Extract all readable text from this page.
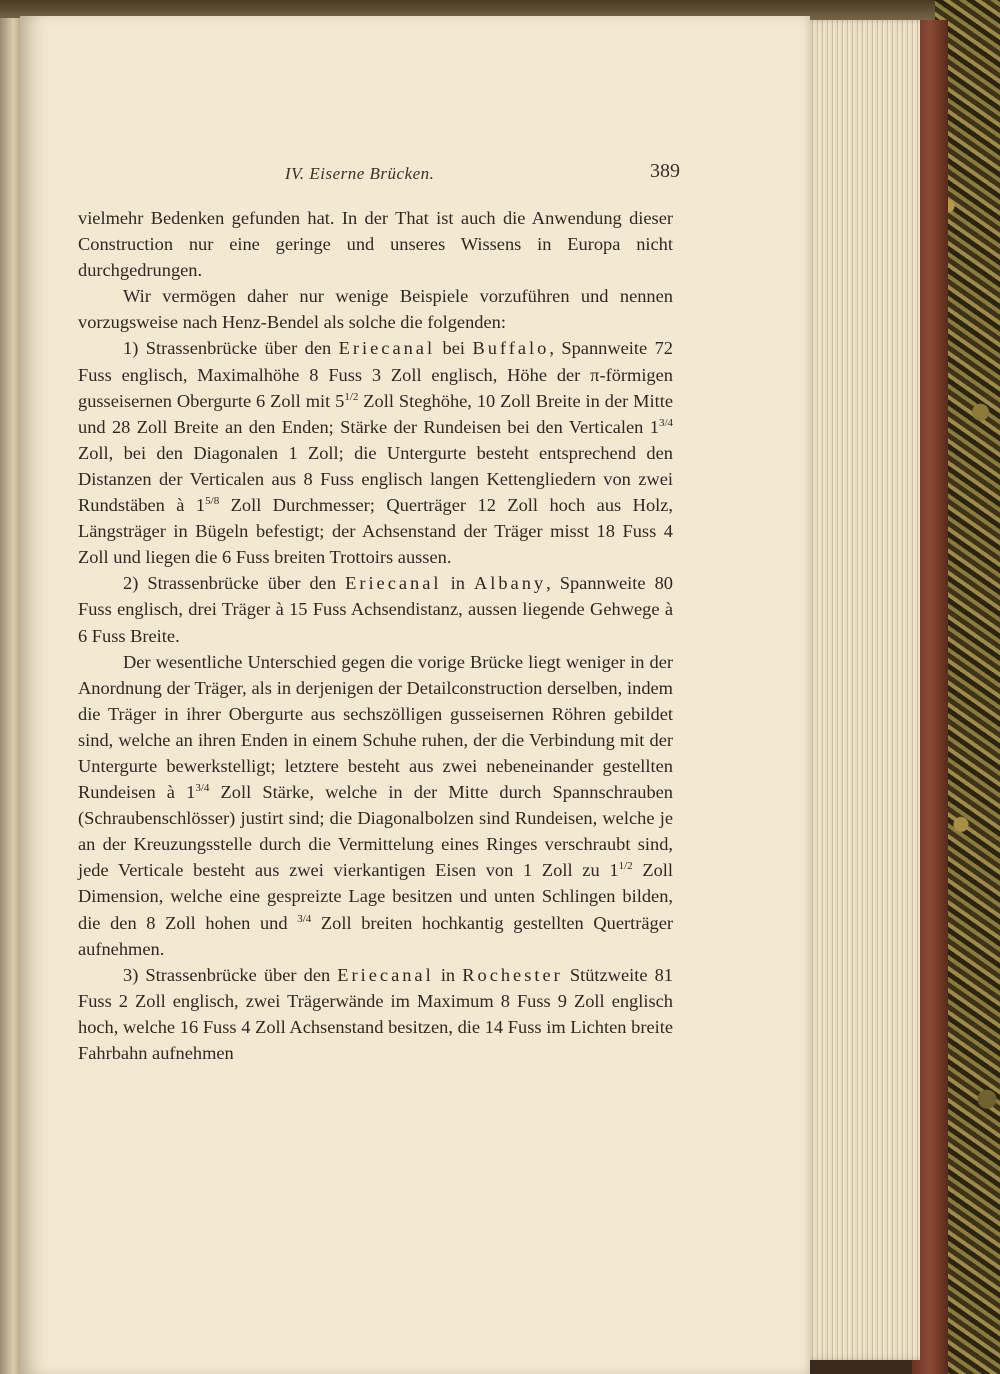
IV. Eiserne Brücken.	389

vielmehr Bedenken gefunden hat. In der That ist auch die Anwendung dieser Construction nur eine geringe und unseres Wissens in Europa nicht durchgedrungen.

Wir vermögen daher nur wenige Beispiele vorzuführen und nennen vorzugsweise nach Henz-Bendel als solche die folgenden:

1) Strassenbrücke über den Eriecanal bei Buffalo, Spannweite 72 Fuss englisch, Maximalhöhe 8 Fuss 3 Zoll englisch, Höhe der π-förmigen gusseisernen Obergurte 6 Zoll mit $5^{1/2}$ Zoll Steghöhe, 10 Zoll Breite in der Mitte und 28 Zoll Breite an den Enden; Stärke der Rundeisen bei den Verticalen $1^{3/4}$ Zoll, bei den Diagonalen 1 Zoll; die Untergurte besteht entsprechend den Distanzen der Verticalen aus 8 Fuss englisch langen Kettengliedern von zwei Rundstäben à $1^{5/8}$ Zoll Durchmesser; Querträger 12 Zoll hoch aus Holz, Längsträger in Bügeln befestigt; der Achsenstand der Träger misst 18 Fuss 4 Zoll und liegen die 6 Fuss breiten Trottoirs aussen.

2) Strassenbrücke über den Eriecanal in Albany, Spannweite 80 Fuss englisch, drei Träger à 15 Fuss Achsendistanz, aussen liegende Gehwege à 6 Fuss Breite.

Der wesentliche Unterschied gegen die vorige Brücke liegt weniger in der Anordnung der Träger, als in derjenigen der Detailconstruction derselben, indem die Träger in ihrer Obergurte aus sechszölligen gusseisernen Röhren gebildet sind, welche an ihren Enden in einem Schuhe ruhen, der die Verbindung mit der Untergurte bewerkstelligt; letztere besteht aus zwei nebeneinander gestellten Rundeisen à $1^{3/4}$ Zoll Stärke, welche in der Mitte durch Spannschrauben (Schraubenschlösser) justirt sind; die Diagonalbolzen sind Rundeisen, welche je an der Kreuzungsstelle durch die Vermittelung eines Ringes verschraubt sind, jede Verticale besteht aus zwei vierkantigen Eisen von 1 Zoll zu $1^{1/2}$ Zoll Dimension, welche eine gespreizte Lage besitzen und unten Schlingen bilden, die den 8 Zoll hohen und $^{3/4}$ Zoll breiten hochkantig gestellten Querträger aufnehmen.

3) Strassenbrücke über den Eriecanal in Rochester Stützweite 81 Fuss 2 Zoll englisch, zwei Trägerwände im Maximum 8 Fuss 9 Zoll englisch hoch, welche 16 Fuss 4 Zoll Achsenstand besitzen, die 14 Fuss im Lichten breite Fahrbahn aufnehmen
